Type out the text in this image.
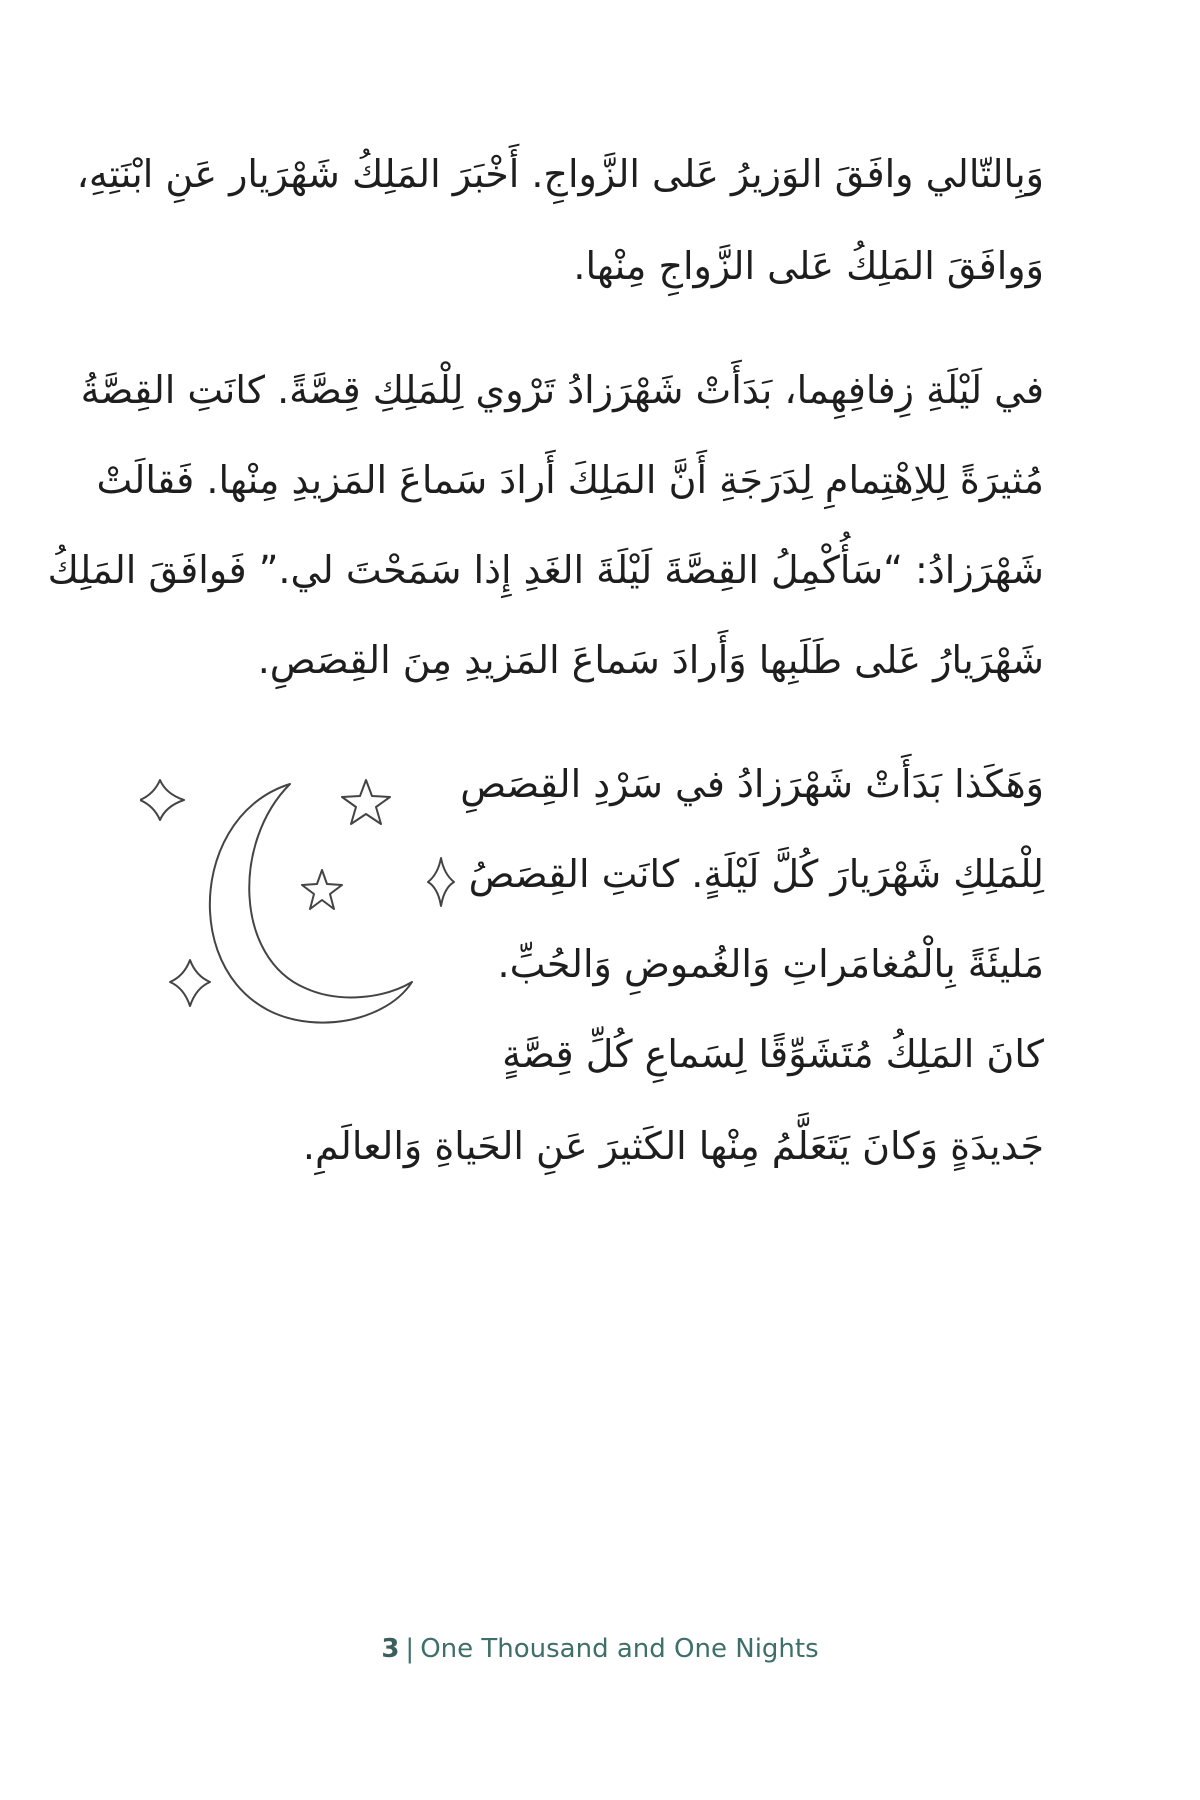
وَبِالتّالي وافَقَ الوَزيرُ عَلى الزَّواجِ. أَخْبَرَ المَلِكُ شَهْرَيار عَنِ ابْنَتِهِ،
وَوافَقَ المَلِكُ عَلى الزَّواجِ مِنْها.
في لَيْلَةِ زِفافِهِما، بَدَأَتْ شَهْرَزادُ تَرْوي لِلْمَلِكِ قِصَّةً. كانَتِ القِصَّةُ
مُثيرَةً لِلاِهْتِمامِ لِدَرَجَةِ أَنَّ المَلِكَ أَرادَ سَماعَ المَزيدِ مِنْها. فَقالَتْ
شَهْرَزادُ: “سَأُكْمِلُ القِصَّةَ لَيْلَةَ الغَدِ إِذا سَمَحْتَ لي.” فَوافَقَ المَلِكُ
شَهْرَيارُ عَلى طَلَبِها وَأَرادَ سَماعَ المَزيدِ مِنَ القِصَصِ.
وَهَكَذا بَدَأَتْ شَهْرَزادُ في سَرْدِ القِصَصِ
لِلْمَلِكِ شَهْرَيارَ كُلَّ لَيْلَةٍ. كانَتِ القِصَصُ
مَليئَةً بِالْمُغامَراتِ وَالغُموضِ وَالحُبِّ.
كانَ المَلِكُ مُتَشَوِّقًا لِسَماعِ كُلِّ قِصَّةٍ
جَديدَةٍ وَكانَ يَتَعَلَّمُ مِنْها الكَثيرَ عَنِ الحَياةِ وَالعالَمِ.
3 | One Thousand and One Nights
